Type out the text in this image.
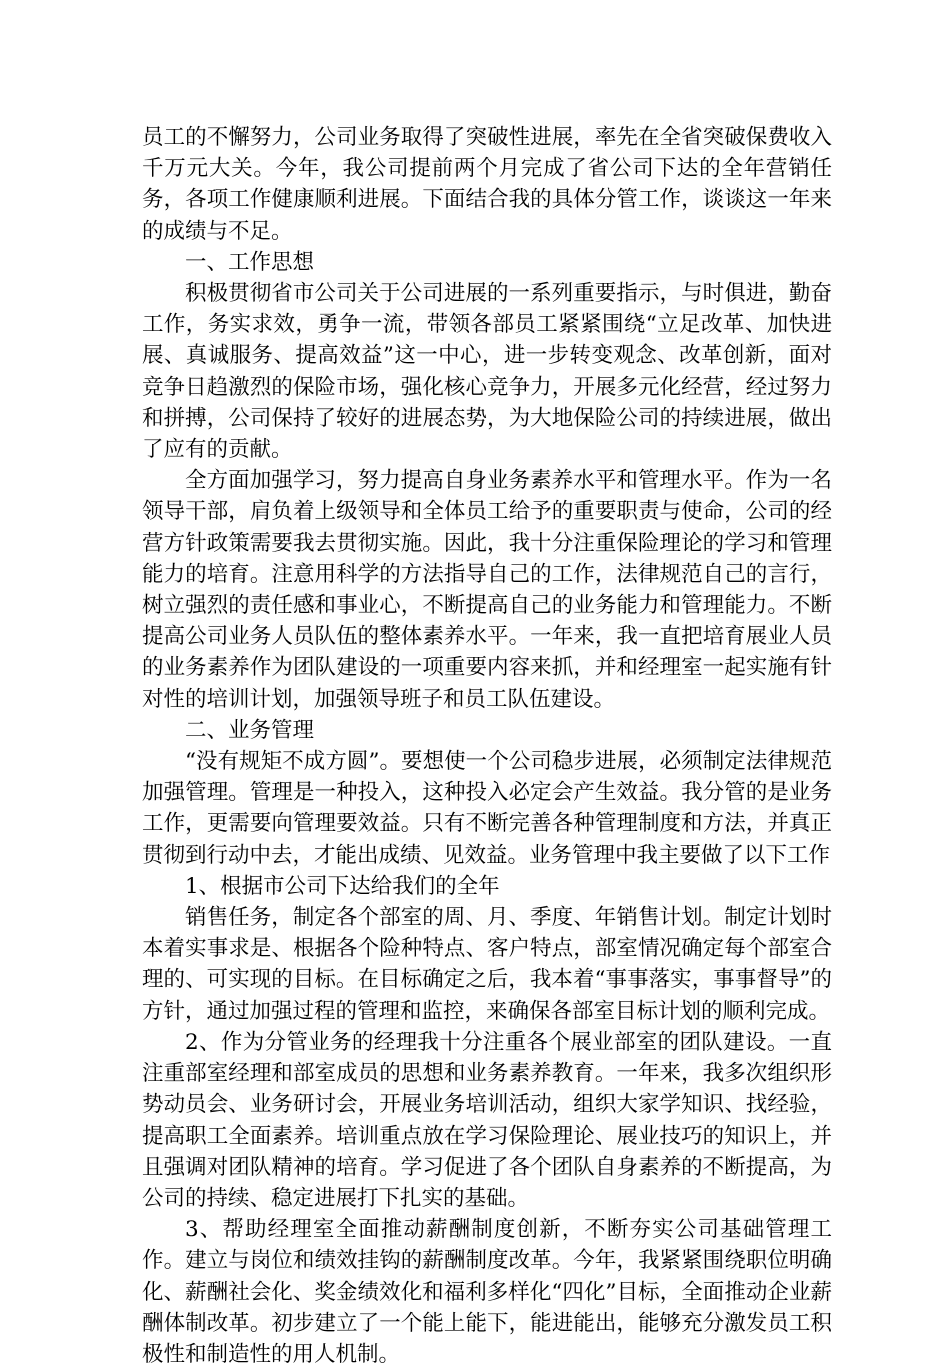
员工的不懈努力，公司业务取得了突破性进展，率先在全省突破保费收入千万元大关。今年，我公司提前两个月完成了省公司下达的全年营销任务，各项工作健康顺利进展。下面结合我的具体分管工作，谈谈这一年来的成绩与不足。

一、工作思想

积极贯彻省市公司关于公司进展的一系列重要指示，与时俱进，勤奋工作，务实求效，勇争一流，带领各部员工紧紧围绕“立足改革、加快进展、真诚服务、提高效益”这一中心，进一步转变观念、改革创新，面对竞争日趋激烈的保险市场，强化核心竞争力，开展多元化经营，经过努力和拼搏，公司保持了较好的进展态势，为大地保险公司的持续进展，做出了应有的贡献。

全方面加强学习，努力提高自身业务素养水平和管理水平。作为一名领导干部，肩负着上级领导和全体员工给予的重要职责与使命，公司的经营方针政策需要我去贯彻实施。因此，我十分注重保险理论的学习和管理能力的培育。注意用科学的方法指导自己的工作，法律规范自己的言行，树立强烈的责任感和事业心，不断提高自己的业务能力和管理能力。不断提高公司业务人员队伍的整体素养水平。一年来，我一直把培育展业人员的业务素养作为团队建设的一项重要内容来抓，并和经理室一起实施有针对性的培训计划，加强领导班子和员工队伍建设。

二、业务管理

“没有规矩不成方圆”。要想使一个公司稳步进展，必须制定法律规范加强管理。管理是一种投入，这种投入必定会产生效益。我分管的是业务工作，更需要向管理要效益。只有不断完善各种管理制度和方法，并真正贯彻到行动中去，才能出成绩、见效益。业务管理中我主要做了以下工作

1、根据市公司下达给我们的全年

销售任务，制定各个部室的周、月、季度、年销售计划。制定计划时本着实事求是、根据各个险种特点、客户特点，部室情况确定每个部室合理的、可实现的目标。在目标确定之后，我本着“事事落实，事事督导”的方针，通过加强过程的管理和监控，来确保各部室目标计划的顺利完成。

2、作为分管业务的经理我十分注重各个展业部室的团队建设。一直注重部室经理和部室成员的思想和业务素养教育。一年来，我多次组织形势动员会、业务研讨会，开展业务培训活动，组织大家学知识、找经验，提高职工全面素养。培训重点放在学习保险理论、展业技巧的知识上，并且强调对团队精神的培育。学习促进了各个团队自身素养的不断提高，为公司的持续、稳定进展打下扎实的基础。

3、帮助经理室全面推动薪酬制度创新，不断夯实公司基础管理工作。建立与岗位和绩效挂钩的薪酬制度改革。今年，我紧紧围绕职位明确化、薪酬社会化、奖金绩效化和福利多样化“四化”目标，全面推动企业薪酬体制改革。初步建立了一个能上能下，能进能出，能够充分激发员工积极性和制造性的用人机制。
